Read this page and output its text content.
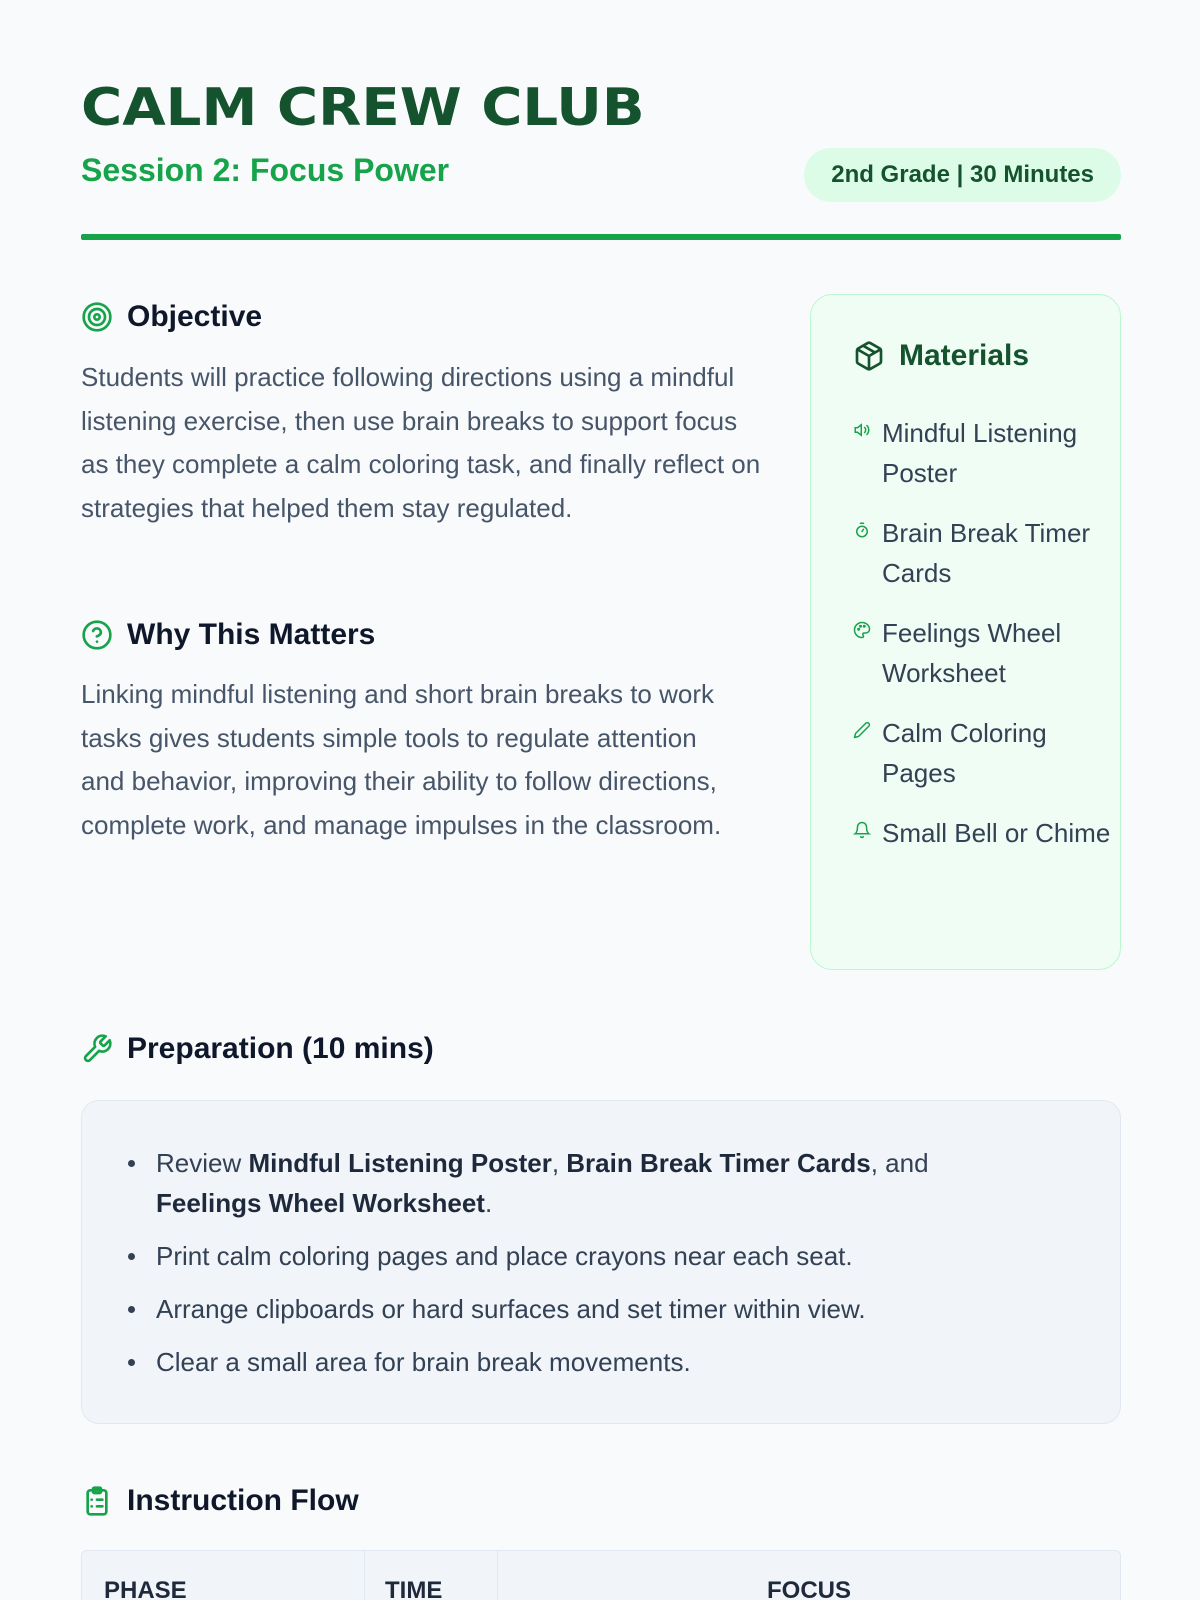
CALM CREW CLUB
Session 2: Focus Power	2nd Grade | 30 Minutes
Objective

Students will practice following directions using a mindful listening exercise, then use brain breaks to support focus as they complete a calm coloring task, and finally reflect on strategies that helped them stay regulated.

Why This Matters

Linking mindful listening and short brain breaks to work tasks gives students simple tools to regulate attention and behavior, improving their ability to follow directions, complete work, and manage impulses in the classroom.

Materials
Mindful Listening Poster
Brain Break Timer Cards
Feelings Wheel Worksheet
Calm Coloring Pages
Small Bell or Chime
Preparation (10 mins)
Review Mindful Listening Poster, Brain Break Timer Cards, and
Feelings Wheel Worksheet.
Print calm coloring pages and place crayons near each seat.
Arrange clipboards or hard surfaces and set timer within view.
Clear a small area for brain break movements.
Instruction Flow
PHASE	TIME	FOCUS
